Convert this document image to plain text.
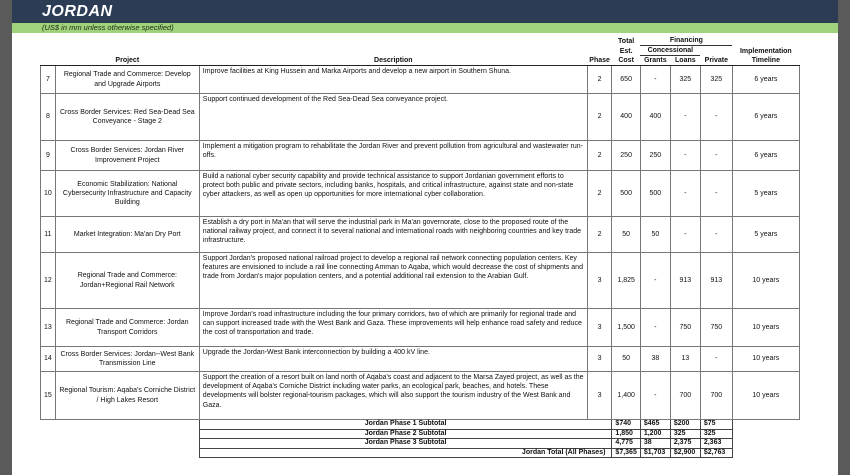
JORDAN
(US$ in mm unless otherwise specified)
				Total	Financing			
				Est.	Concessional			Implementation
	Project	Description	Phase	Cost	Grants	Loans	Private	Timeline
7	Regional Trade and Commerce: Develop and Upgrade Airports	Improve facilities at King Hussein and Marka Airports and develop a new airport in Southern Shuna.	2	650	-	325	325	6 years
8	Cross Border Services: Red Sea-Dead Sea Conveyance - Stage 2	Support continued development of the Red Sea-Dead Sea conveyance project.	2	400	400	-	-	6 years
9	Cross Border Services: Jordan River Improvement Project	Implement a mitigation program to rehabilitate the Jordan River and prevent pollution from agricultural and wastewater run-offs.	2	250	250	-	-	6 years
10	Economic Stabilization: National Cybersecurity Infrastructure and Capacity Building	Build a national cyber security capability and provide technical assistance to support Jordanian government efforts to protect both public and private sectors, including banks, hospitals, and critical infrastructure, against state and non-state cyber attackers, as well as open up opportunities for more international cyber collaboration.	2	500	500	-	-	5 years
11	Market Integration: Ma'an Dry Port	Establish a dry port in Ma'an that will serve the industrial park in Ma'an governorate, close to the proposed route of the national railway project, and connect it to several national and international roads with neighboring countries and key trade infrastructure.	2	50	50	-	-	5 years
12	Regional Trade and Commerce: Jordan+Regional Rail Network	Support Jordan's proposed national railroad project to develop a regional rail network connecting population centers. Key features are envisioned to include a rail line connecting Amman to Aqaba, which would decrease the cost of shipments and trade from Jordan's major population centers, and a potential additional rail extension to the Arabian Gulf.	3	1,825	-	913	913	10 years
13	Regional Trade and Commerce: Jordan Transport Corridors	Improve Jordan's road infrastructure including the four primary corridors, two of which are primarily for regional trade and can support increased trade with the West Bank and Gaza. These improvements will help enhance road safety and reduce the cost of transportation and trade.	3	1,500	-	750	750	10 years
14	Cross Border Services: Jordan--West Bank Transmission Line	Upgrade the Jordan-West Bank interconnection by building a 400 kV line.	3	50	38	13	-	10 years
15	Regional Tourism: Aqaba's Corniche District / High Lakes Resort	Support the creation of a resort built on land north of Aqaba's coast and adjacent to the Marsa Zayed project, as well as the development of Aqaba's Corniche District including water parks, an ecological park, beaches, and hotels. These developments will bolster regional-tourism packages, which will also support the tourism industry of the West Bank and Gaza.	3	1,400	-	700	700	10 years
		Jordan Phase 1 Subtotal		$740	$465	$200	$75	
		Jordan Phase 2 Subtotal		1,850	1,200	325	325	
		Jordan Phase 3 Subtotal		4,775	38	2,375	2,363	
		Jordan Total (All Phases)		$7,365	$1,703	$2,900	$2,763	
